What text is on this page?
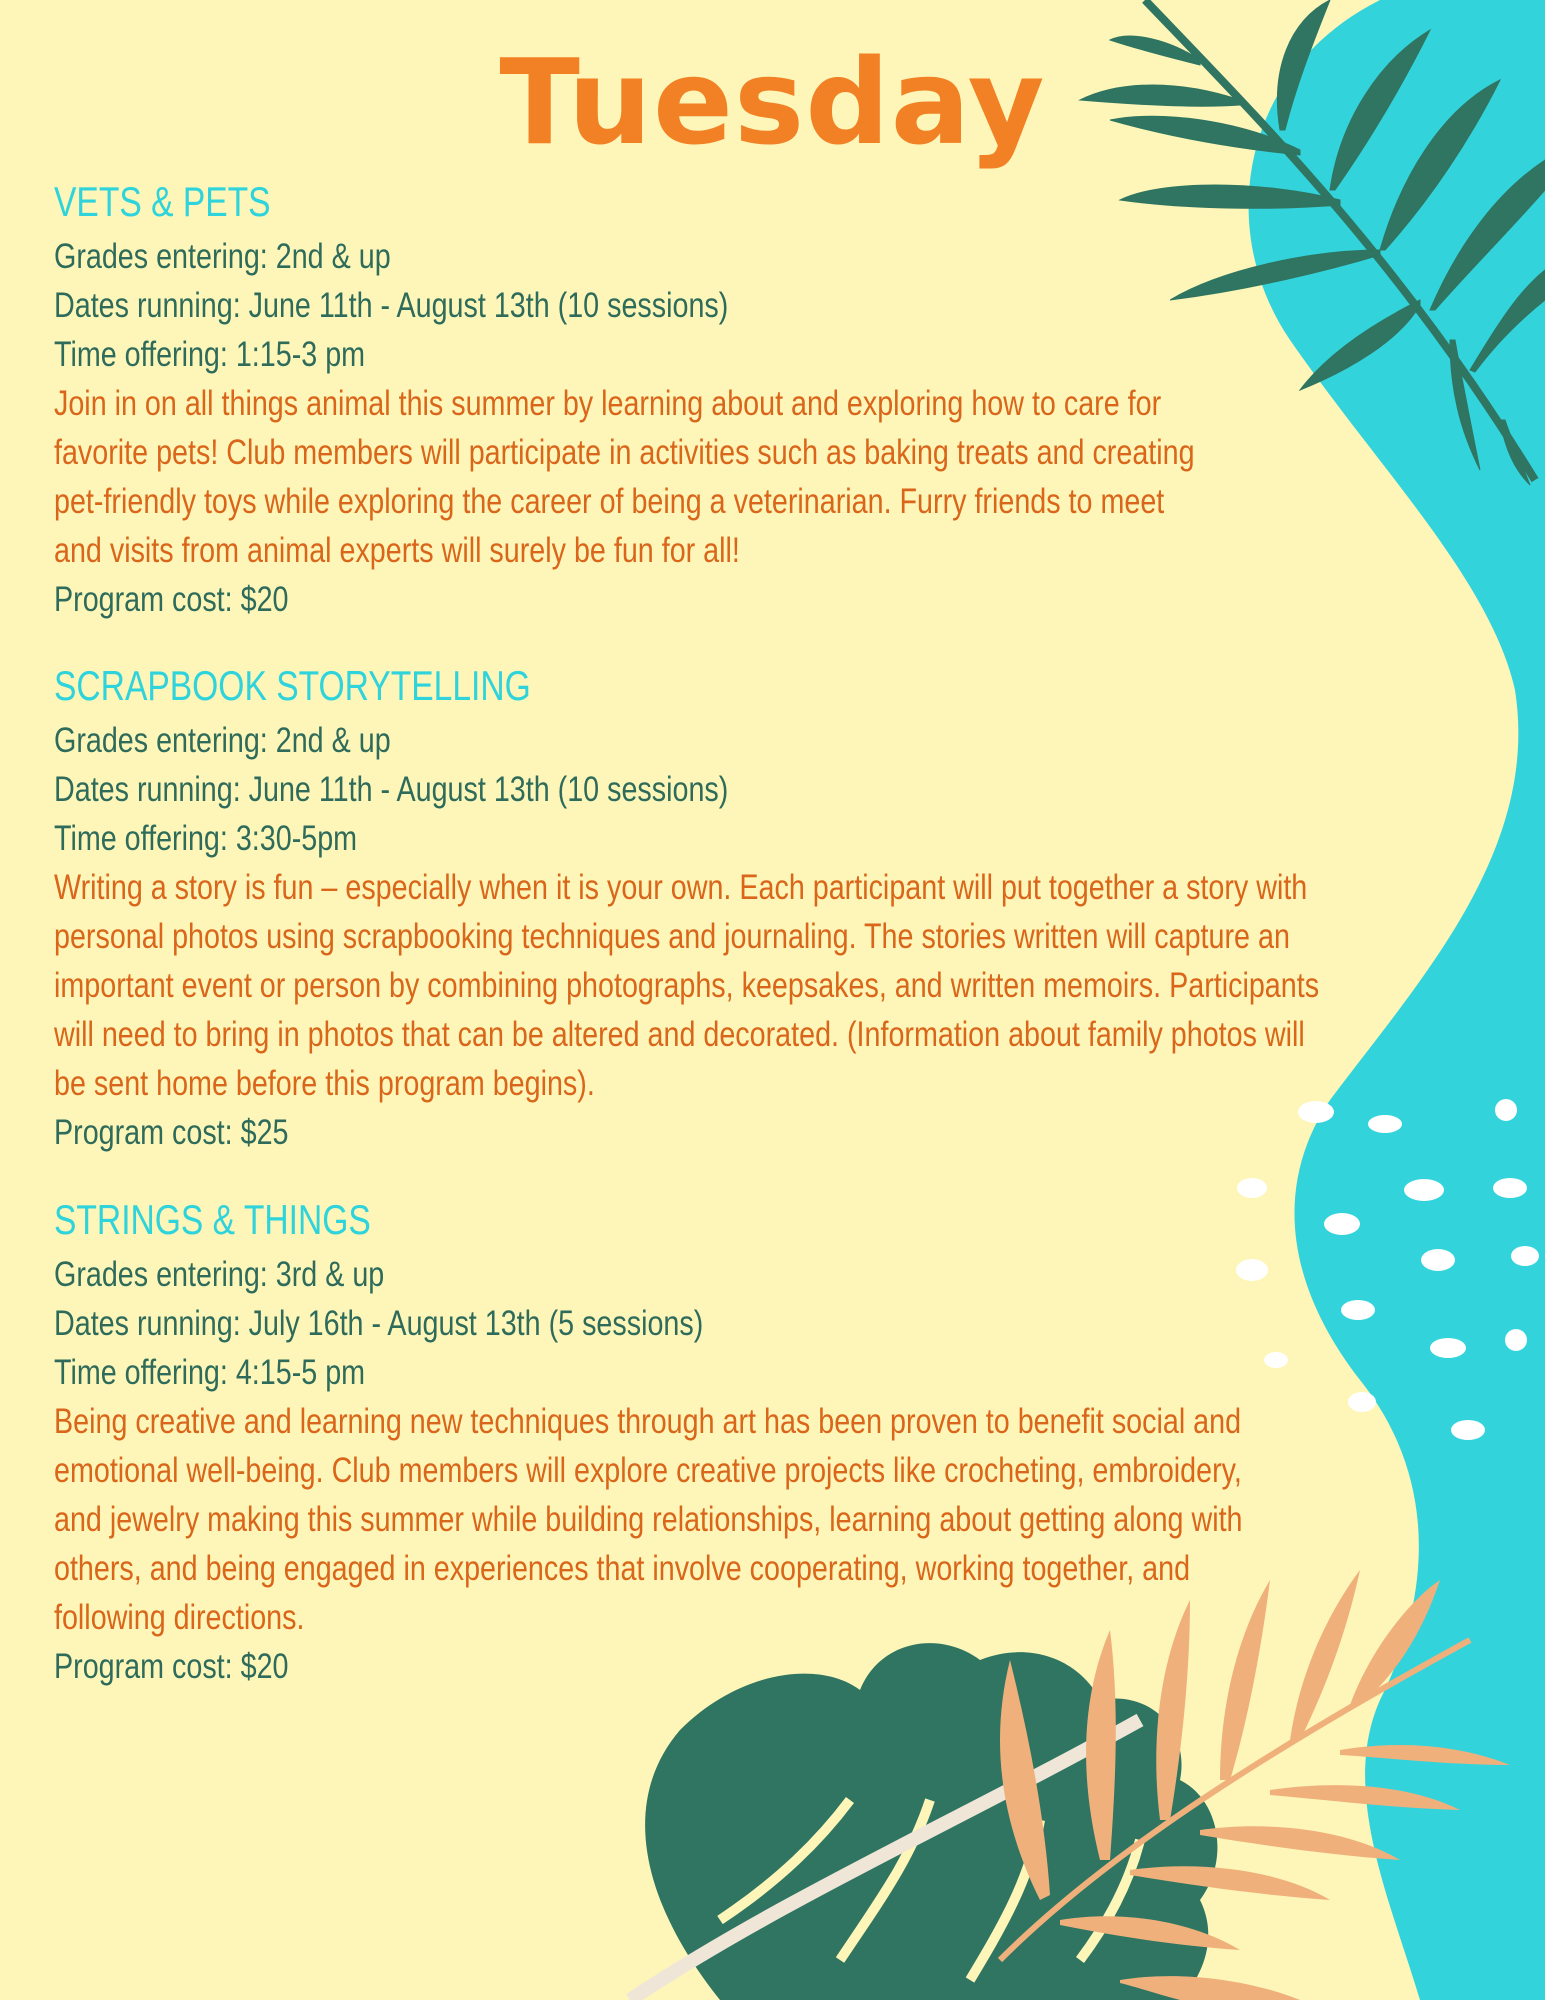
Tuesday
VETS & PETS
Grades entering: 2nd & up
Dates running: June 11th - August 13th (10 sessions)
Time offering: 1:15-3 pm
Join in on all things animal this summer by learning about and exploring how to care for
favorite pets! Club members will participate in activities such as baking treats and creating
pet-friendly toys while exploring the career of being a veterinarian. Furry friends to meet
and visits from animal experts will surely be fun for all!
Program cost: $20
SCRAPBOOK STORYTELLING
Grades entering: 2nd & up
Dates running: June 11th - August 13th (10 sessions)
Time offering: 3:30-5pm
Writing a story is fun – especially when it is your own. Each participant will put together a story with
personal photos using scrapbooking techniques and journaling. The stories written will capture an
important event or person by combining photographs, keepsakes, and written memoirs. Participants
will need to bring in photos that can be altered and decorated. (Information about family photos will
be sent home before this program begins).
Program cost: $25
STRINGS & THINGS
Grades entering: 3rd & up
Dates running: July 16th - August 13th (5 sessions)
Time offering: 4:15-5 pm
Being creative and learning new techniques through art has been proven to benefit social and
emotional well-being. Club members will explore creative projects like crocheting, embroidery,
and jewelry making this summer while building relationships, learning about getting along with
others, and being engaged in experiences that involve cooperating, working together, and
following directions.
Program cost: $20
